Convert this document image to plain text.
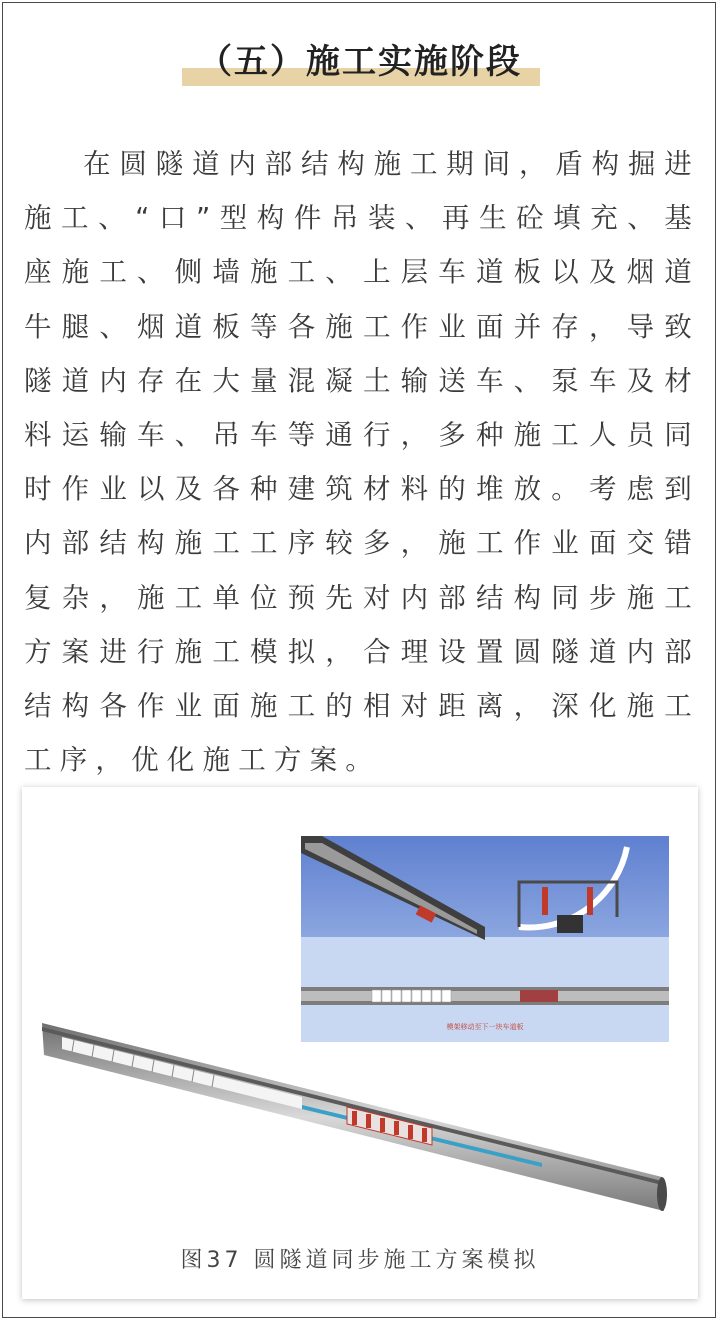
（五）施工实施阶段

在圆隧道内部结构施工期间，盾构掘进施工、“口”型构件吊装、再生砼填充、基座施工、侧墙施工、上层车道板以及烟道牛腿、烟道板等各施工作业面并存，导致隧道内存在大量混凝土输送车、泵车及材料运输车、吊车等通行，多种施工人员同时作业以及各种建筑材料的堆放。考虑到内部结构施工工序较多，施工作业面交错复杂，施工单位预先对内部结构同步施工方案进行施工模拟，合理设置圆隧道内部结构各作业面施工的相对距离，深化施工工序，优化施工方案。

模架移动至下一块车道板
图37 圆隧道同步施工方案模拟
